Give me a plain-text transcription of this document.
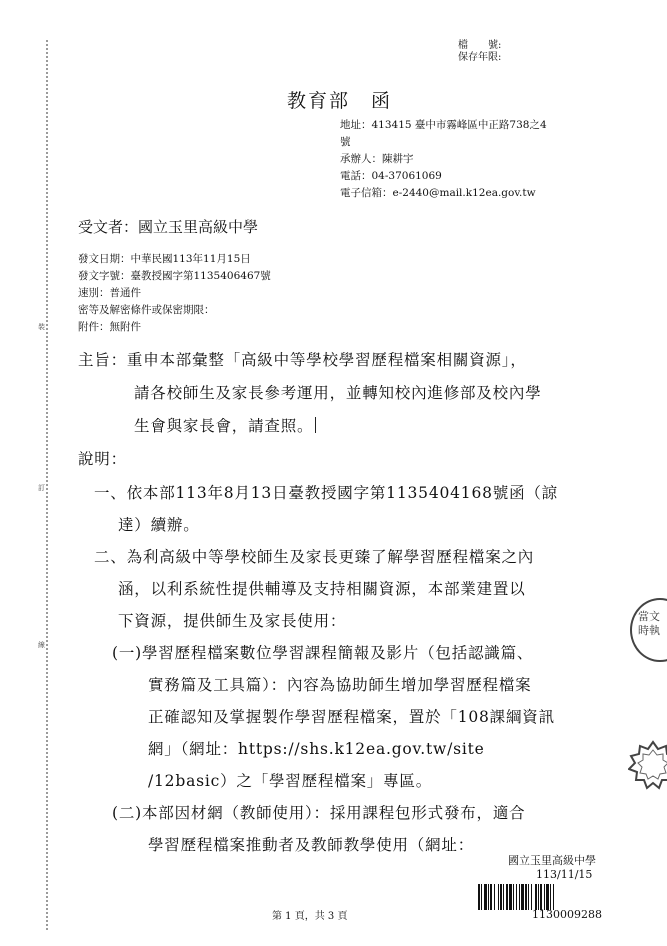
裝
訂
線
檔　　號:
保存年限:
教育部　函
地址：413415 臺中市霧峰區中正路738之4
號
承辦人：陳耕宇
電話：04-37061069
電子信箱：e-2440@mail.k12ea.gov.tw
受文者：國立玉里高級中學
發文日期：中華民國113年11月15日
發文字號：臺教授國字第1135406467號
速別：普通件
密等及解密條件或保密期限：
附件：無附件
主旨：重申本部彙整「高級中等學校學習歷程檔案相關資源」，
請各校師生及家長參考運用，並轉知校內進修部及校內學
生會與家長會，請查照。
說明：
一、依本部113年8月13日臺教授國字第1135404168號函（諒
達）續辦。
二、為利高級中等學校師生及家長更臻了解學習歷程檔案之內
涵，以利系統性提供輔導及支持相關資源，本部業建置以
下資源，提供師生及家長使用：
(一)學習歷程檔案數位學習課程簡報及影片（包括認識篇、
實務篇及工具篇）：內容為協助師生增加學習歷程檔案
正確認知及掌握製作學習歷程檔案，置於「108課綱資訊
網」（網址：https://shs.k12ea.gov.tw/site
/12basic）之「學習歷程檔案」專區。
(二)本部因材網（教師使用）：採用課程包形式發布，適合
學習歷程檔案推動者及教師教學使用（網址：
當文
時執
國立玉里高級中學
113/11/15
1130009288
第 1 頁，共 3 頁
